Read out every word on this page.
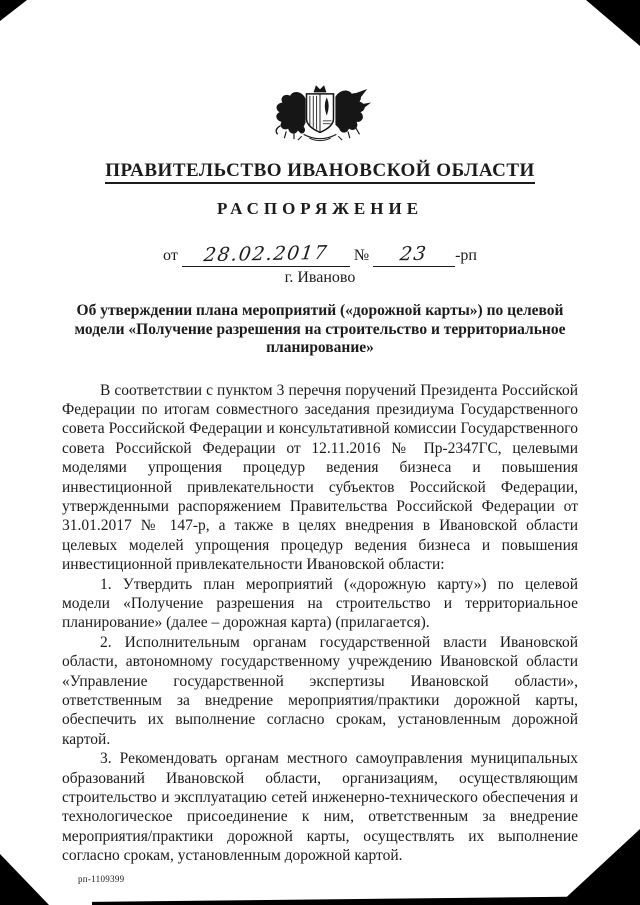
ПРАВИТЕЛЬСТВО ИВАНОВСКОЙ ОБЛАСТИ
РАСПОРЯЖЕНИЕ
от 28.02.2017 № 23 -рп
г. Иваново
Об утверждении плана мероприятий («дорожной карты») по целевой модели «Получение разрешения на строительство и территориальное планирование»

В соответствии с пунктом 3 перечня поручений Президента Российской Федерации по итогам совместного заседания президиума Государственного совета Российской Федерации и консультативной комиссии Государственного совета Российской Федерации от 12.11.2016 № Пр-2347ГС, целевыми моделями упрощения процедур ведения бизнеса и повышения инвестиционной привлекательности субъектов Российской Федерации, утвержденными распоряжением Правительства Российской Федерации от 31.01.2017 № 147-р, а также в целях внедрения в Ивановской области целевых моделей упрощения процедур ведения бизнеса и повышения инвестиционной привлекательности Ивановской области:

1. Утвердить план мероприятий («дорожную карту») по целевой модели «Получение разрешения на строительство и территориальное планирование» (далее – дорожная карта) (прилагается).

2. Исполнительным органам государственной власти Ивановской области, автономному государственному учреждению Ивановской области «Управление государственной экспертизы Ивановской области», ответственным за внедрение мероприятия/практики дорожной карты, обеспечить их выполнение согласно срокам, установленным дорожной картой.

3. Рекомендовать органам местного самоуправления муниципальных образований Ивановской области, организациям, осуществляющим строительство и эксплуатацию сетей инженерно-технического обеспечения и технологическое присоединение к ним, ответственным за внедрение мероприятия/практики дорожной карты, осуществлять их выполнение согласно срокам, установленным дорожной картой.

рп-1109399
